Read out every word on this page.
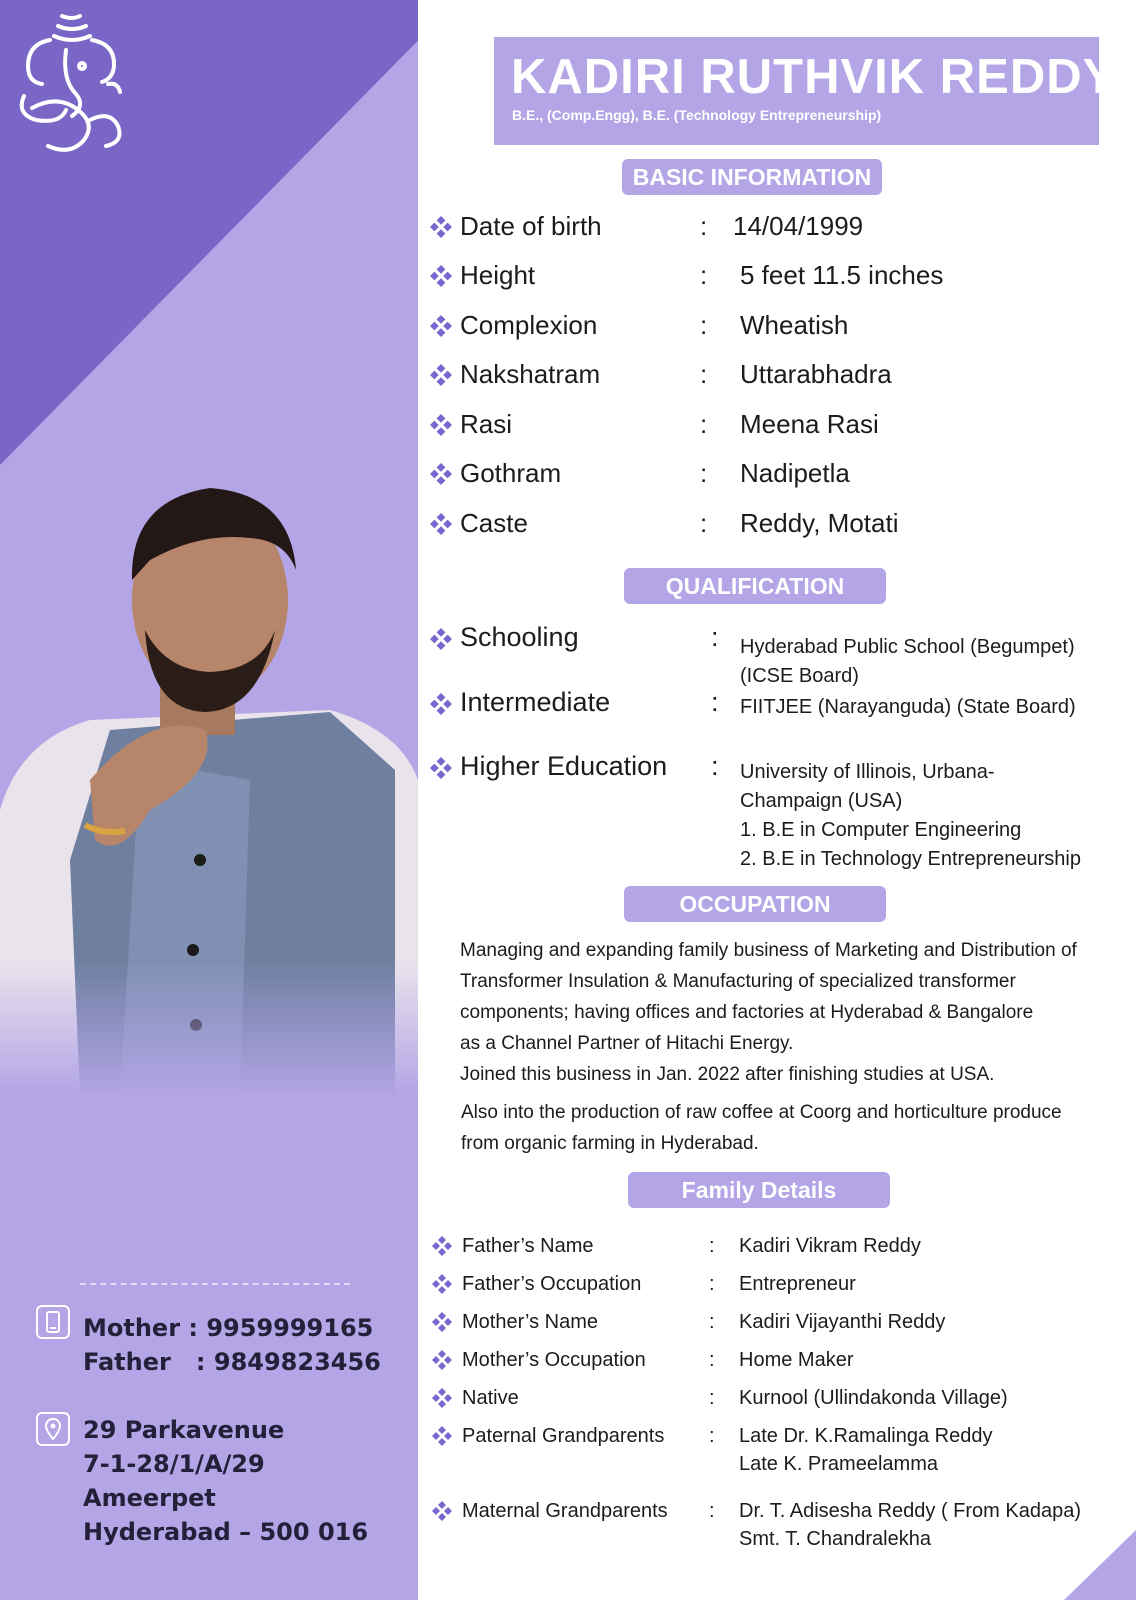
Mother : 9959999165
Father   : 9849823456
29 Parkavenue
7-1-28/1/A/29
Ameerpet
Hyderabad – 500 016
KADIRI RUTHVIK REDDY
B.E., (Comp.Engg), B.E. (Technology Entrepreneurship)
BASIC INFORMATION
Date of birth	: 14/04/1999
Height	: 5 feet 11.5 inches
Complexion	: Wheatish
Nakshatram	: Uttarabhadra
Rasi	: Meena Rasi
Gothram	: Nadipetla
Caste	: Reddy, Motati
QUALIFICATION
Schooling	: Hyderabad Public School (Begumpet)
(ICSE Board)
Intermediate	: FIITJEE (Narayanguda) (State Board)
Higher Education : University of Illinois, Urbana-
Champaign (USA)
1. B.E in Computer Engineering
2. B.E in Technology Entrepreneurship
OCCUPATION
Managing and expanding family business of Marketing and Distribution of
Transformer Insulation & Manufacturing of specialized transformer
components; having offices and factories at Hyderabad & Bangalore
as a Channel Partner of Hitachi Energy.
Joined this business in Jan. 2022 after finishing studies at USA.
Also into the production of raw coffee at Coorg and horticulture produce
from organic farming in Hyderabad.
Family Details
Father’s Name	: Kadiri Vikram Reddy
Father’s Occupation	: Entrepreneur
Mother’s Name	: Kadiri Vijayanthi Reddy
Mother’s Occupation	: Home Maker
Native	: Kurnool (Ullindakonda Village)
Paternal Grandparents : Late Dr. K.Ramalinga Reddy
Late K. Prameelamma
Maternal Grandparents : Dr. T. Adisesha Reddy ( From Kadapa)
Smt. T. Chandralekha
